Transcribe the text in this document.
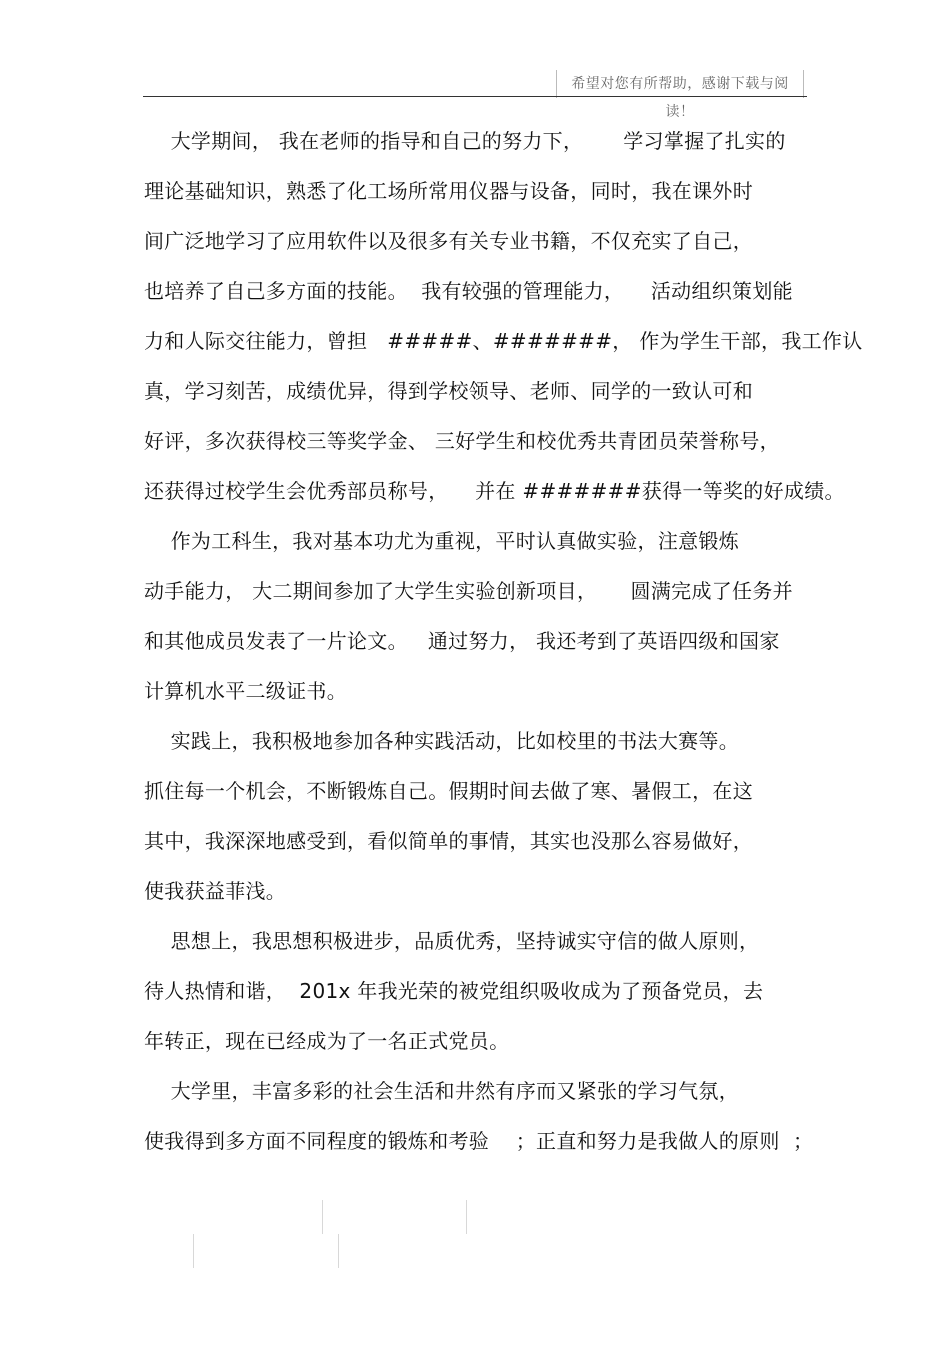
希望对您有所帮助，感谢下载与阅读！
大学期间， 我在老师的指导和自己的努力下，      学习掌握了扎实的
理论基础知识，熟悉了化工场所常用仪器与设备，同时，我在课外时
间广泛地学习了应用软件以及很多有关专业书籍，不仅充实了自己，
也培养了自己多方面的技能。  我有较强的管理能力，    活动组织策划能
力和人际交往能力，曾担   #####、#######， 作为学生干部，我工作认
真，学习刻苦，成绩优异，得到学校领导、老师、同学的一致认可和
好评，多次获得校三等奖学金、 三好学生和校优秀共青团员荣誉称号，
还获得过校学生会优秀部员称号，    并在 #######获得一等奖的好成绩。
作为工科生，我对基本功尤为重视，平时认真做实验，注意锻炼
动手能力， 大二期间参加了大学生实验创新项目，     圆满完成了任务并
和其他成员发表了一片论文。   通过努力， 我还考到了英语四级和国家
计算机水平二级证书。
实践上，我积极地参加各种实践活动，比如校里的书法大赛等。
抓住每一个机会，不断锻炼自己。假期时间去做了寒、暑假工，在这
其中，我深深地感受到，看似简单的事情，其实也没那么容易做好，
使我获益菲浅。
思想上，我思想积极进步，品质优秀，坚持诚实守信的做人原则，
待人热情和谐，  201x 年我光荣的被党组织吸收成为了预备党员，去
年转正，现在已经成为了一名正式党员。
大学里，丰富多彩的社会生活和井然有序而又紧张的学习气氛，
使我得到多方面不同程度的锻炼和考验    ；正直和努力是我做人的原则  ；
